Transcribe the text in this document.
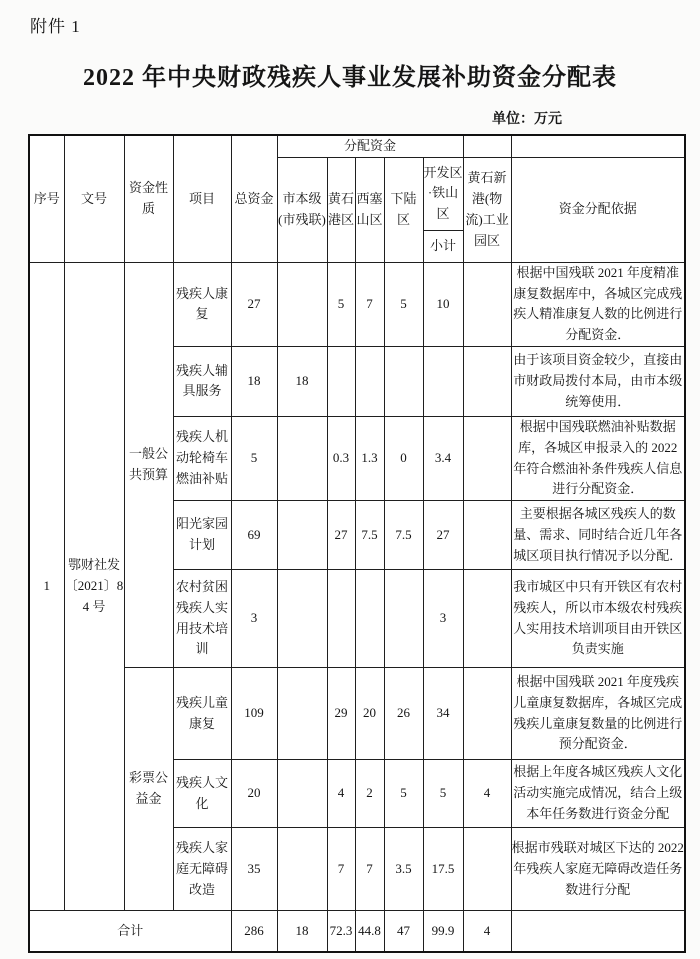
附件 1
2022 年中央财政残疾人事业发展补助资金分配表
单位：万元
序号	文号	资金性质	项目	总资金	分配资金						
					市本级(市残联)	黄石港区	西塞山区	下陆区	开发区·铁山区	黄石新港(物流)工业园区	资金分配依据
									小计		
1	鄂财社发〔2021〕84 号	一般公共预算	残疾人康复	27		5	7	5	10		根据中国残联 2021 年度精准康复数据库中，各城区完成残疾人精准康复人数的比例进行分配资金．
			残疾人辅具服务	18	18						由于该项目资金较少，直接由市财政局拨付本局，由市本级统筹使用．
			残疾人机动轮椅车燃油补贴	5		0.3	1.3	0	3.4		根据中国残联燃油补贴数据库，各城区申报录入的 2022 年符合燃油补条件残疾人信息进行分配资金．
			阳光家园计划	69		27	7.5	7.5	27		主要根据各城区残疾人的数量、需求、同时结合近几年各城区项目执行情况予以分配．
			农村贫困残疾人实用技术培训	3					3		我市城区中只有开铁区有农村残疾人，所以市本级农村残疾人实用技术培训项目由开铁区负责实施
		彩票公益金	残疾儿童康复	109		29	20	26	34		根据中国残联 2021 年度残疾儿童康复数据库，各城区完成残疾儿童康复数量的比例进行预分配资金．
			残疾人文化	20		4	2	5	5	4	根据上年度各城区残疾人文化活动实施完成情况，结合上级本年任务数进行资金分配
			残疾人家庭无障碍改造	35		7	7	3.5	17.5		根据市残联对城区下达的 2022 年残疾人家庭无障碍改造任务数进行分配
合计				286	18	72.3	44.8	47	99.9	4	
